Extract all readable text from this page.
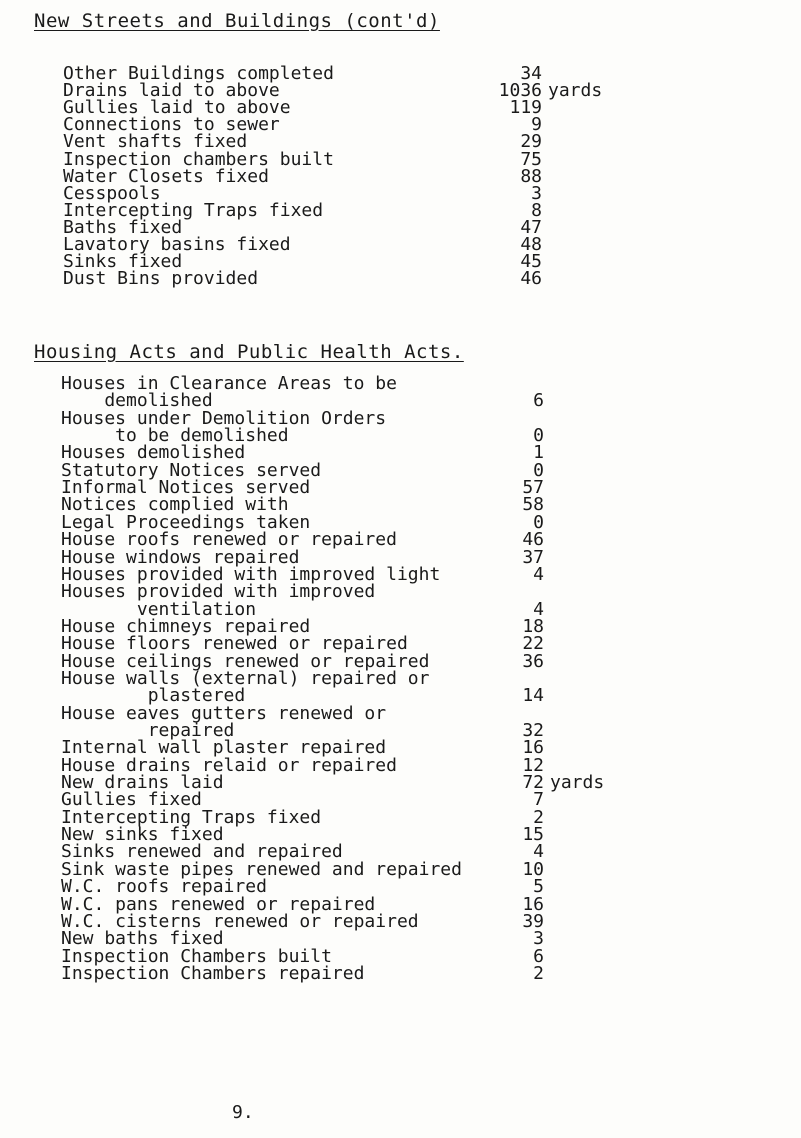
New Streets and Buildings (cont'd)
Other Buildings completed	34
Drains laid to above	1036 yards
Gullies laid to above	119
Connections to sewer	9
Vent shafts fixed	29
Inspection chambers built	75
Water Closets fixed	88
Cesspools	3
Intercepting Traps fixed	8
Baths fixed	47
Lavatory basins fixed	48
Sinks fixed	45
Dust Bins provided	46
Housing Acts and Public Health Acts.
Houses in Clearance Areas to be
demolished	6
Houses under Demolition Orders
to be demolished	0
Houses demolished	1
Statutory Notices served	0
Informal Notices served	57
Notices complied with	58
Legal Proceedings taken	0
House roofs renewed or repaired	46
House windows repaired	37
Houses provided with improved light	4
Houses provided with improved
ventilation	4
House chimneys repaired	18
House floors renewed or repaired	22
House ceilings renewed or repaired	36
House walls (external) repaired or
plastered	14
House eaves gutters renewed or
repaired	32
Internal wall plaster repaired	16
House drains relaid or repaired	12
New drains laid	72 yards
Gullies fixed	7
Intercepting Traps fixed	2
New sinks fixed	15
Sinks renewed and repaired	4
Sink waste pipes renewed and repaired	10
W.C. roofs repaired	5
W.C. pans renewed or repaired	16
W.C. cisterns renewed or repaired	39
New baths fixed	3
Inspection Chambers built	6
Inspection Chambers repaired	2
9.
